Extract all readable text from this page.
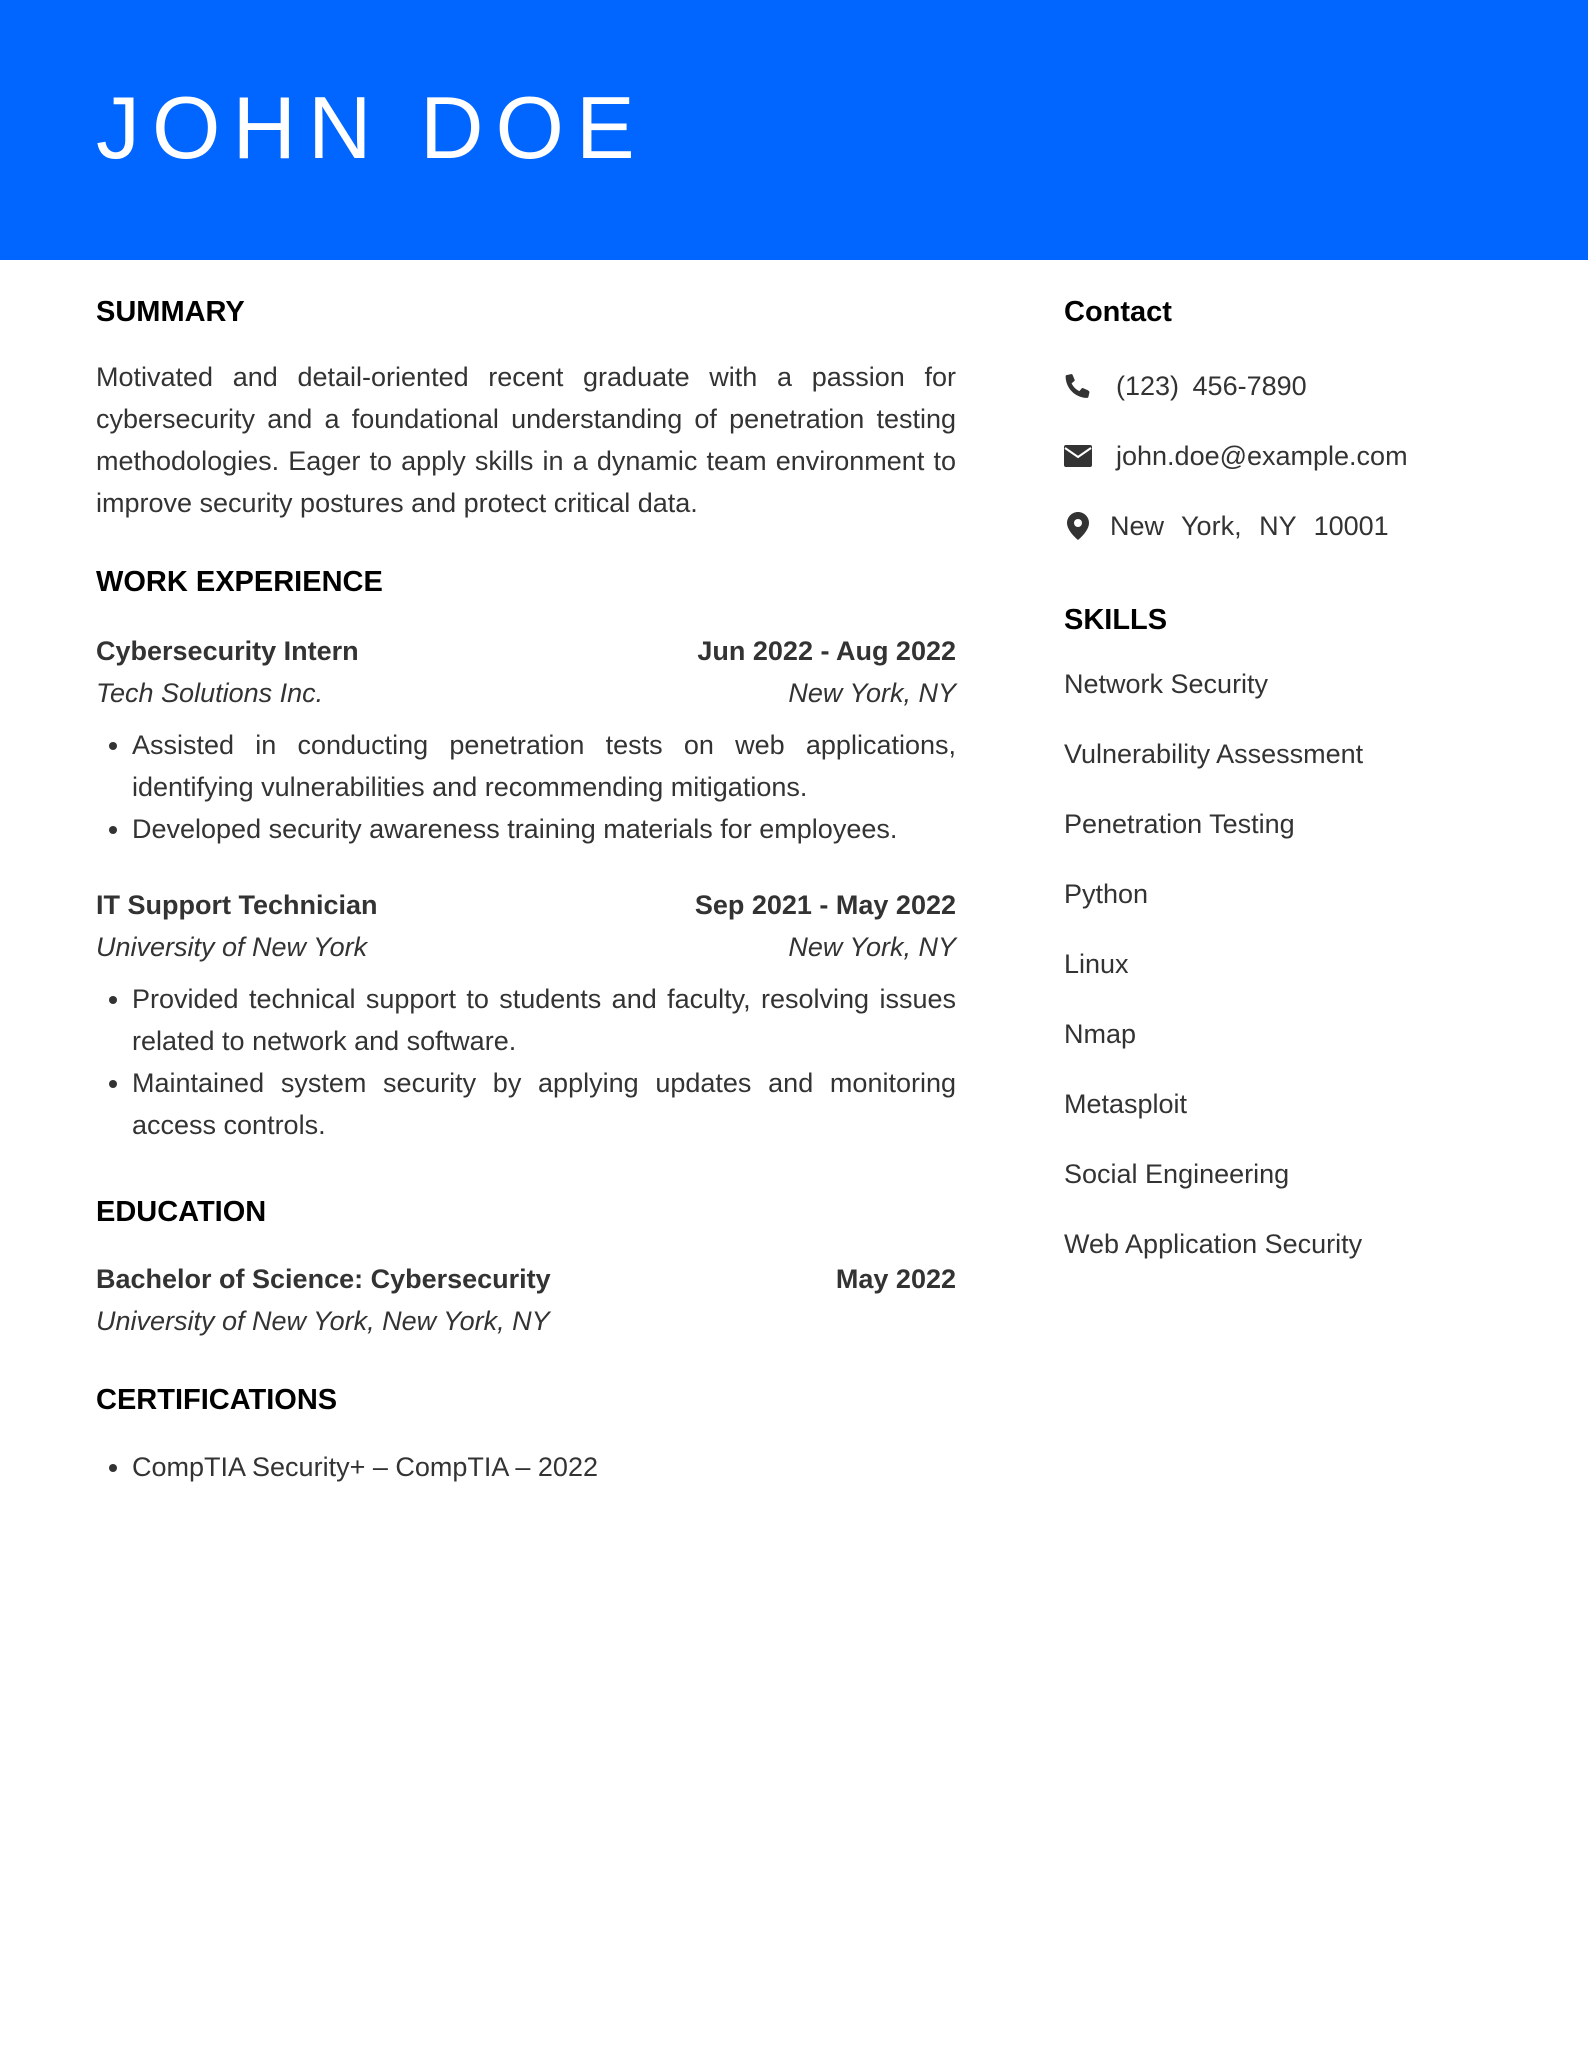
JOHN DOE
SUMMARY

Motivated and detail-oriented recent graduate with a passion for cybersecurity and a foundational understanding of penetration testing methodologies. Eager to apply skills in a dynamic team environment to improve security postures and protect critical data.

WORK EXPERIENCE
Cybersecurity Intern	Jun 2022 - Aug 2022
Tech Solutions Inc.	New York, NY
• Assisted in conducting penetration tests on web applications, identifying vulnerabilities and recommending mitigations.
• Developed security awareness training materials for employees.
IT Support Technician	Sep 2021 - May 2022
University of New York	New York, NY
• Provided technical support to students and faculty, resolving issues related to network and software.
• Maintained system security by applying updates and monitoring access controls.
EDUCATION
Bachelor of Science: Cybersecurity	May 2022
University of New York, New York, NY
CERTIFICATIONS
• CompTIA Security+ – CompTIA – 2022
Contact
(123) 456-7890
john.doe@example.com
New York, NY 10001
SKILLS
Network Security
Vulnerability Assessment
Penetration Testing
Python
Linux
Nmap
Metasploit
Social Engineering
Web Application Security
